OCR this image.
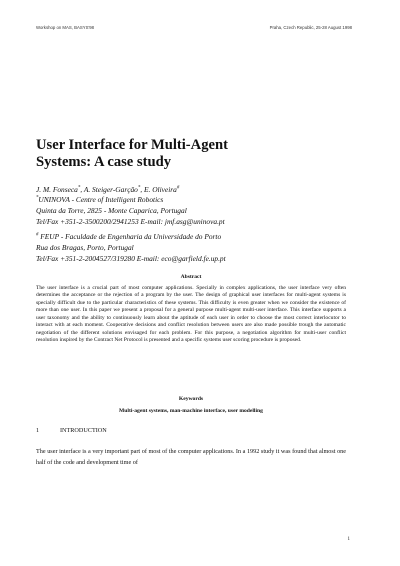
Workshop on MAS, BASYS'98	Praha, Czech Republic, 25-28 August 1998
User Interface for Multi-Agent
Systems: A case study
J. M. Fonseca*, A. Steiger-Garção*, E. Oliveira#
*UNINOVA - Centre of Intelligent Robotics
Quinta da Torre, 2825 - Monte Caparica, Portugal
Tel/Fax +351-2-3500200/2941253 E-mail: jmf.asg@uninova.pt
# FEUP - Faculdade de Engenharia da Universidade do Porto
Rua dos Bragas, Porto, Portugal
Tel/Fax +351-2-2004527/319280 E-mail: eco@garfield.fe.up.pt
Abstract

The user interface is a crucial part of most computer applications. Specially in complex applications, the user interface very often determines the acceptance or the rejection of a program by the user. The design of graphical user interfaces for multi-agent systems is specially difficult due to the particular characteristics of these systems. This difficulty is even greater when we consider the existence of more than one user. In this paper we present a proposal for a general purpose multi-agent multi-user interface. This interface supports a user taxonomy and the ability to continuously learn about the aptitude of each user in order to choose the most correct interlocutor to interact with at each moment. Cooperative decisions and conflict resolution between users are also made possible trough the automatic negotiation of the different solutions envisaged for each problem. For this purpose, a negotiation algorithm for multi-user conflict resolution inspired by the Contract Net Protocol is presented and a specific systems user scoring procedure is proposed.

Keywords
Multi-agent systems, man-machine interface, user modelling
1	INTRODUCTION

The user interface is a very important part of most of the computer applications. In a 1992 study it was found that almost one half of the code and development time of

1
